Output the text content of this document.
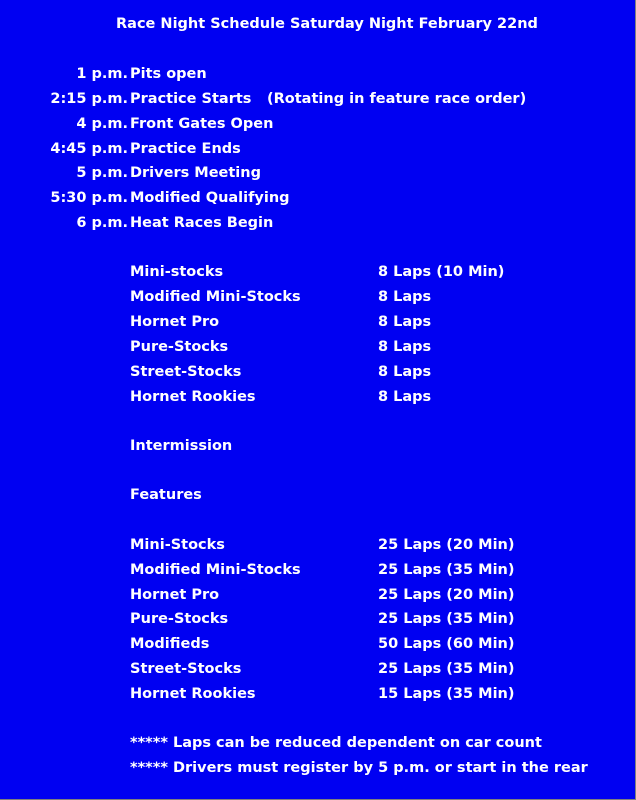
Race Night Schedule Saturday Night February 22nd
1 p.m. Pits open
2:15 p.m. Practice Starts (Rotating in feature race order)
4 p.m. Front Gates Open
4:45 p.m. Practice Ends
5 p.m. Drivers Meeting
5:30 p.m. Modified Qualifying
6 p.m. Heat Races Begin
Mini-stocks	8 Laps (10 Min)
Modified Mini-Stocks	8 Laps
Hornet Pro	8 Laps
Pure-Stocks	8 Laps
Street-Stocks	8 Laps
Hornet Rookies	8 Laps
Intermission
Features
Mini-Stocks	25 Laps (20 Min)
Modified Mini-Stocks	25 Laps (35 Min)
Hornet Pro	25 Laps (20 Min)
Pure-Stocks	25 Laps (35 Min)
Modifieds	50 Laps (60 Min)
Street-Stocks	25 Laps (35 Min)
Hornet Rookies	15 Laps (35 Min)
***** Laps can be reduced dependent on car count
***** Drivers must register by 5 p.m. or start in the rear
